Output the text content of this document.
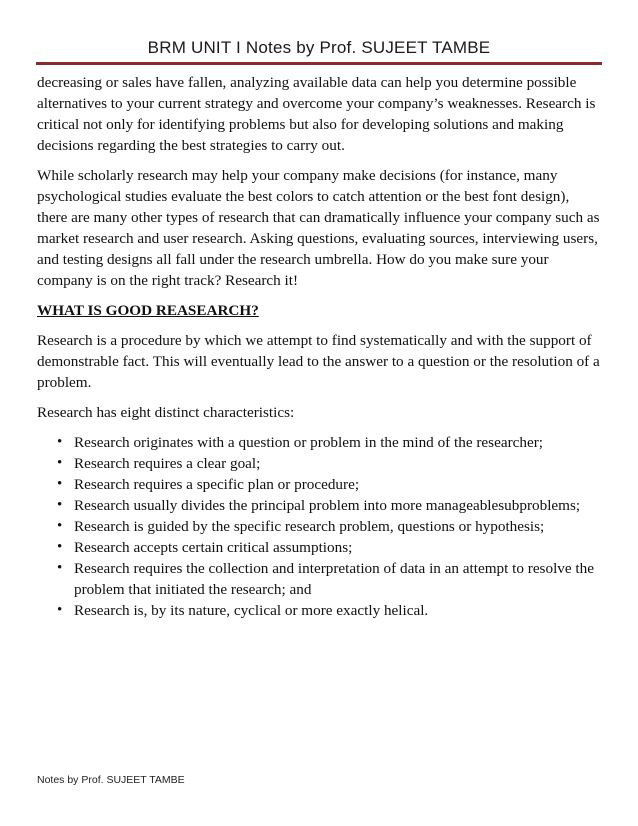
BRM UNIT I Notes by Prof. SUJEET TAMBE

decreasing or sales have fallen, analyzing available data can help you determine possible alternatives to your current strategy and overcome your company’s weaknesses. Research is critical not only for identifying problems but also for developing solutions and making decisions regarding the best strategies to carry out.

While scholarly research may help your company make decisions (for instance, many psychological studies evaluate the best colors to catch attention or the best font design), there are many other types of research that can dramatically influence your company such as market research and user research. Asking questions, evaluating sources, interviewing users, and testing designs all fall under the research umbrella. How do you make sure your company is on the right track? Research it!

WHAT IS GOOD REASEARCH?

Research is a procedure by which we attempt to find systematically and with the support of demonstrable fact. This will eventually lead to the answer to a question or the resolution of a problem.

Research has eight distinct characteristics:

• Research originates with a question or problem in the mind of the researcher;
• Research requires a clear goal;
• Research requires a specific plan or procedure;
• Research usually divides the principal problem into more manageablesubproblems;
• Research is guided by the specific research problem, questions or hypothesis;
• Research accepts certain critical assumptions;
• Research requires the collection and interpretation of data in an attempt to resolve the problem that initiated the research; and
• Research is, by its nature, cyclical or more exactly helical.
Notes by Prof. SUJEET TAMBE
